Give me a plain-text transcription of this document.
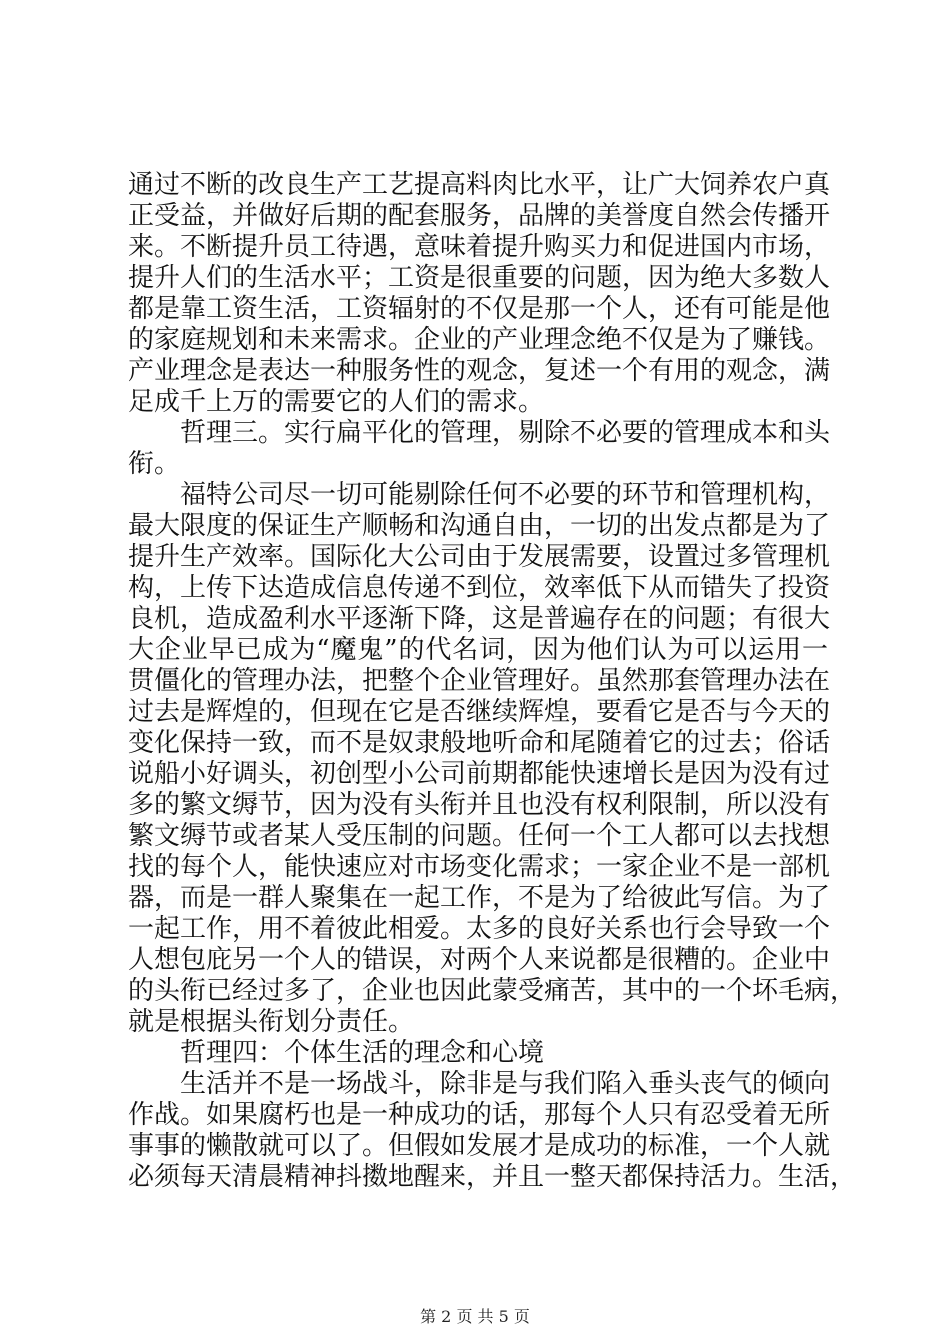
通过不断的改良生产工艺提高料肉比水平，让广大饲养农户真
正受益，并做好后期的配套服务，品牌的美誉度自然会传播开
来。不断提升员工待遇，意味着提升购买力和促进国内市场，
提升人们的生活水平；工资是很重要的问题，因为绝大多数人
都是靠工资生活，工资辐射的不仅是那一个人，还有可能是他
的家庭规划和未来需求。企业的产业理念绝不仅是为了赚钱。
产业理念是表达一种服务性的观念，复述一个有用的观念，满
足成千上万的需要它的人们的需求。
哲理三。实行扁平化的管理，剔除不必要的管理成本和头
衔。
福特公司尽一切可能剔除任何不必要的环节和管理机构，
最大限度的保证生产顺畅和沟通自由，一切的出发点都是为了
提升生产效率。国际化大公司由于发展需要，设置过多管理机
构，上传下达造成信息传递不到位，效率低下从而错失了投资
良机，造成盈利水平逐渐下降，这是普遍存在的问题；有很大
大企业早已成为“魔鬼”的代名词，因为他们认为可以运用一
贯僵化的管理办法，把整个企业管理好。虽然那套管理办法在
过去是辉煌的，但现在它是否继续辉煌，要看它是否与今天的
变化保持一致，而不是奴隶般地听命和尾随着它的过去；俗话
说船小好调头，初创型小公司前期都能快速增长是因为没有过
多的繁文缛节，因为没有头衔并且也没有权利限制，所以没有
繁文缛节或者某人受压制的问题。任何一个工人都可以去找想
找的每个人，能快速应对市场变化需求；一家企业不是一部机
器，而是一群人聚集在一起工作，不是为了给彼此写信。为了
一起工作，用不着彼此相爱。太多的良好关系也行会导致一个
人想包庇另一个人的错误，对两个人来说都是很糟的。企业中
的头衔已经过多了，企业也因此蒙受痛苦，其中的一个坏毛病，
就是根据头衔划分责任。
哲理四：个体生活的理念和心境
生活并不是一场战斗，除非是与我们陷入垂头丧气的倾向
作战。如果腐朽也是一种成功的话，那每个人只有忍受着无所
事事的懒散就可以了。但假如发展才是成功的标准，一个人就
必须每天清晨精神抖擞地醒来，并且一整天都保持活力。生活，
第 2 页 共 5 页
